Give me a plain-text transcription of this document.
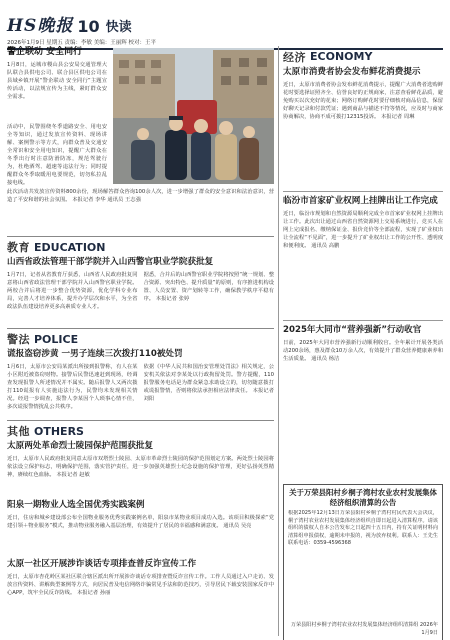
HS晚报 10 快读
2026年1月9日 星期五 责编：李敏 美编：王丽辉 校对：王平
警企联动 安全同行
1月8日，运城市稷山县公安局交通管理大队联合县供电公司、联合县区供电公司在县域乡镇开展“警企联动 安全同行”主题宣传活动，以法规宣传为主线，紧盯群众安全需求。
活动中，民警围绕冬季道路安全、用电安全等知识，通过发放宣传资料、现场讲解、案例警示等方式，向群众普及交通安全常识和安全用电知识，提醒广大群众在冬季出行时注意防滑防冻，规范驾驶行为，杜绝酒驾、超速等违法行为；同时提醒群众冬季取暖用电要规范，切勿私拉乱接电线。
此次活动共发放宣传资料800余份，现场解答群众咨询100余人次，进一步增强了群众的安全意识和法治意识，营造了平安和谐的社会氛围。 本报记者 李华 通讯员 王志强
教育 EDUCATION
山西省政法管理干部学院并入山西警官职业学院获批复
1月7日，记者从省教育厅获悉，山西省人民政府批复同意将山西省政法管理干部学院并入山西警官职业学院。两校合并后将进一步整合优势资源，优化学科专业布局，完善人才培养体系，提升办学层次和水平，为全省政法队伍建设培养更多高素质专业人才。
据悉，合并后的山西警官职业学院将按照“统一规划、整合资源、突出特色、提升质量”的原则，有序推进机构设置、人员安置、资产划转等工作，确保教学秩序平稳有序。 本报记者 张婷
警法 POLICE
谎报盗窃涉黄 一男子连续三次拨打110被处罚
1月6日，太原市公安局某派出所接到报警称，有人在某小区附近被盗窃财物。接警后民警迅速赶到现场，经调查发现报警人所述情况并不属实。随后报警人又两次拨打110谎报有人实施违法行为，民警均未发现相关情况。经进一步调查，报警人李某因个人琐事心情不佳，多次谎报警情扰乱公共秩序。
依据《中华人民共和国治安管理处罚法》相关规定，公安机关依法对李某处以行政拘留处罚。警方提醒，110报警服务电话是为群众紧急求助设立的，切勿随意拨打或谎报警情，否则将依法承担相应法律责任。 本报记者 刘阳
其他 OTHERS
太原两处革命烈士陵园保护范围获批复
近日，太原市人民政府批复同意太原市双塔烈士陵园、太原市革命烈士陵园的保护范围划定方案。两处烈士陵园将依法设立保护标志，明确保护范围，落实管护责任，进一步加强英雄烈士纪念设施的保护管理，更好弘扬英烈精神，赓续红色血脉。 本报记者 赵敏
阳泉一期物业人选全国优秀实践案例
近日，住房和城乡建设部公布全国物业服务优秀实践案例名单，阳泉市某物业项目成功入选。该项目积极探索“党建引领＋物业服务”模式，推动物业服务融入基层治理，有效提升了居民的幸福感和满意度。 通讯员 吴亮
太原一社区开展涉诈谈话专项排查普反诈宣传工作
近日，太原市杏花岭区某社区联合辖区派出所开展涉诈谈话专项排查暨反诈宣传工作。工作人员通过入户走访、发放宣传资料、讲解典型案例等方式，向居民普及电信网络诈骗常见手法和防范技巧，引导居民下载安装国家反诈中心APP，筑牢全民反诈防线。 本报记者 孙丽
经济 ECONOMY
太原市消费者协会发布鲜花消费提示
近日，太原市消费者协会发布鲜花消费提示，提醒广大消费者选购鲜花时要选择证照齐全、信誉良好的正规商家，注意查看鲜花品质，避免购买以次充好的花束；网络订购鲜花时要仔细核对商品信息，保留好聊天记录和付款凭证；遇到商品与描述不符等情况，应及时与商家协商解决，协商不成可拨打12315投诉。 本报记者 周琳
临汾市首家矿业权网上挂牌出让工作完成
近日，临汾市规划和自然资源局顺利完成全市首家矿业权网上挂牌出让工作。此次出让通过山西省自然资源网上交易系统进行，竞买人在网上完成报名、缴纳保证金、报价竞价等全部流程，实现了矿业权出让全流程“不见面”，进一步提升了矿业权出让工作的公开性、透明度和便利度。 通讯员 高鹏
2025年大同市“营养强新”行动收官
日前，2025年大同市营养强新行动顺利收官。全年累计开展各类活动200余场，惠及群众10万余人次，有效提升了群众营养健康素养和生活质量。 通讯员 杨洁
关于万荣县阳村乡桐子湾村农业农村发展集体经济组织清算的公告
根据2025年12月13日万荣县阳村乡桐子湾村村民代表大会决议，桐子湾村农业农村发展集体经济组织自即日起进入清算程序。请该组织的债权人自本公告发布之日起四十五日内，持有关证明材料向清算组申报债权，逾期未申报的，视为放弃权利。联系人：王先生 联系电话：0359-4596368
万荣县阳村乡桐子湾村农业农村发展集体经济组织清算组 2026年1月9日
